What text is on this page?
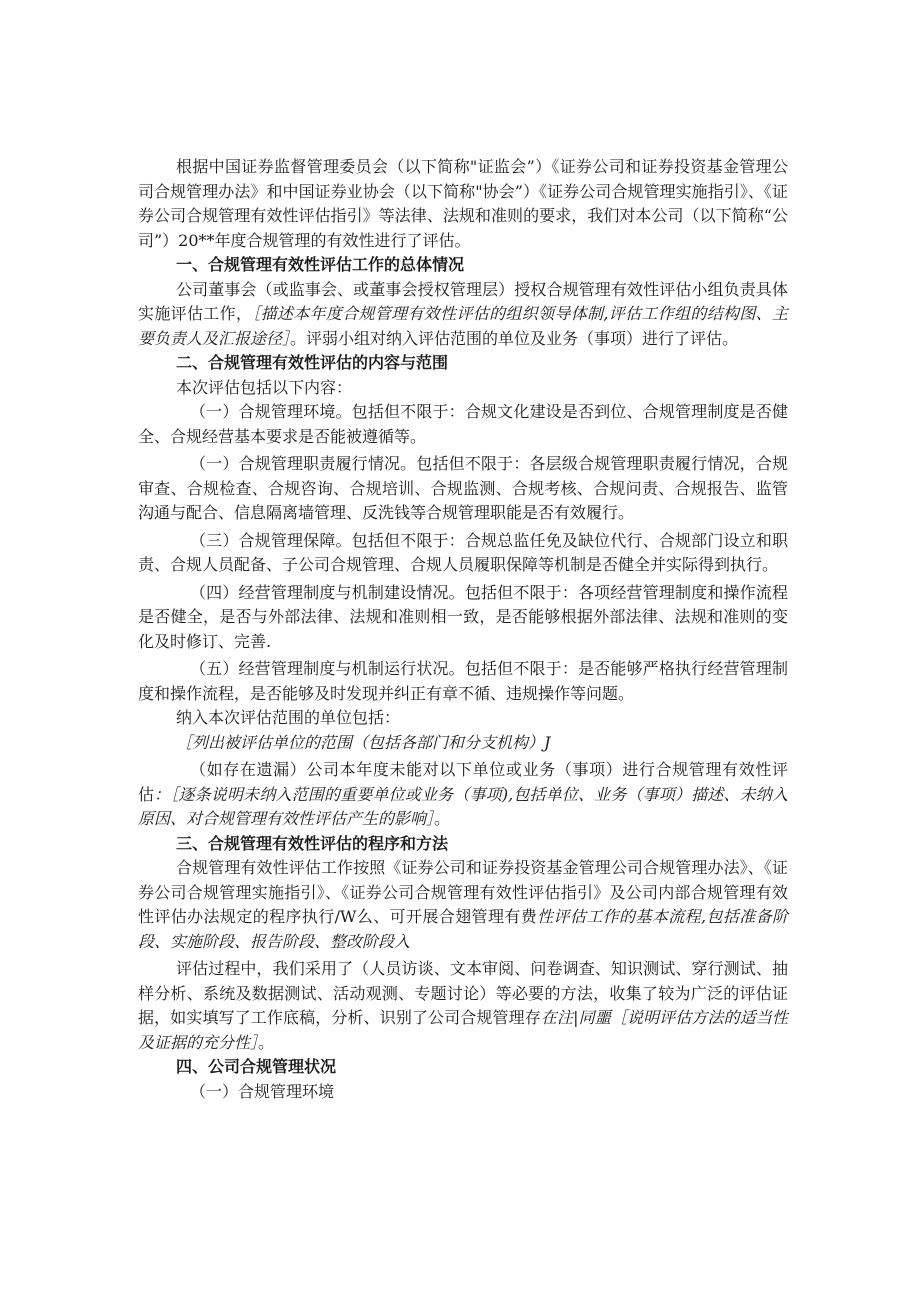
根据中国证券监督管理委员会（以下简称"证监会”）《证券公司和证券投资基金管理公司合规管理办法》和中国证券业协会（以下简称"协会”）《证券公司合规管理实施指引》、《证券公司合规管理有效性评估指引》等法律、法规和准则的要求，我们对本公司（以下简称“公司”）20**年度合规管理的有效性进行了评估。

一、合规管理有效性评估工作的总体情况

公司董事会（或监事会、或董事会授权管理层）授权合规管理有效性评估小组负责具体实施评估工作，［描述本年度合规管理有效性评估的组织领导体制,评估工作组的结构图、主要负责人及汇报途径］。评弱小组对纳入评估范围的单位及业务（事项）进行了评估。

二、合规管理有效性评估的内容与范围

本次评估包括以下内容：

（一）合规管理环境。包括但不限于：合规文化建设是否到位、合规管理制度是否健全、合规经营基本要求是否能被遵循等。

（一）合规管理职责履行情况。包括但不限于：各层级合规管理职责履行情况，合规审查、合规检查、合规咨询、合规培训、合规监测、合规考核、合规问责、合规报告、监管沟通与配合、信息隔离墙管理、反洗钱等合规管理职能是否有效履行。

（三）合规管理保障。包括但不限于：合规总监任免及缺位代行、合规部门设立和职责、合规人员配备、子公司合规管理、合规人员履职保障等机制是否健全并实际得到执行。

（四）经营管理制度与机制建设情况。包括但不限于：各项经营管理制度和操作流程是否健全，是否与外部法律、法规和准则相一致，是否能够根据外部法律、法规和准则的变化及时修订、完善.

（五）经营管理制度与机制运行状况。包括但不限于：是否能够严格执行经营管理制度和操作流程，是否能够及时发现并纠正有章不循、违规操作等问题。

纳入本次评估范围的单位包括：

［列出被评估单位的范围（包括各部门和分支机构）J

（如存在遗漏）公司本年度未能对以下单位或业务（事项）进行合规管理有效性评估：［逐条说明未纳入范围的重要单位或业务（事项),包括单位、业务（事项）描述、未纳入原因、对合规管理有效性评估产生的影响］。

三、合规管理有效性评估的程序和方法

合规管理有效性评估工作按照《证券公司和证券投资基金管理公司合规管理办法》、《证券公司合规管理实施指引》、《证券公司合规管理有效性评估指引》及公司内部合规管理有效性评估办法规定的程序执行/W么、可开展合翅管理有费性评估工作的基本流程,包括准备阶段、实施阶段、报告阶段、整改阶段入

评估过程中，我们采用了（人员访谈、文本审阅、问卷调查、知识测试、穿行测试、抽样分析、系统及数据测试、活动观测、专题讨论）等必要的方法，收集了较为广泛的评估证据，如实填写了工作底稿，分析、识别了公司合规管理存在注|同噩［说明评估方法的适当性及证据的充分性］。

四、公司合规管理状况

（一）合规管理环境
